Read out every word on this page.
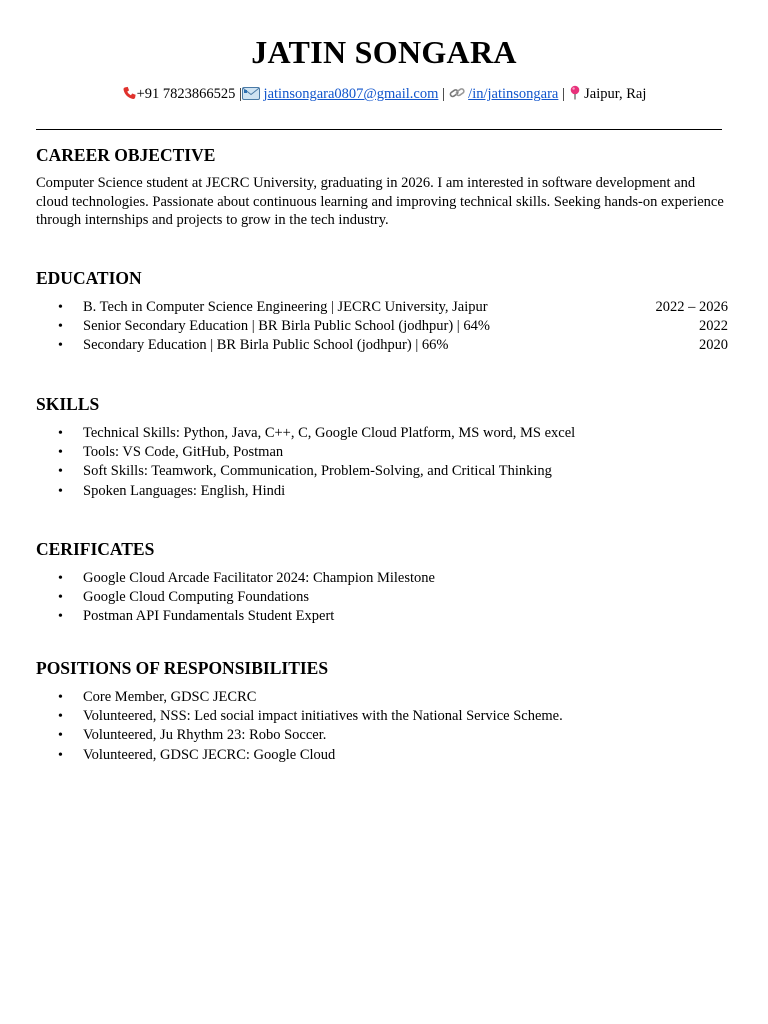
JATIN SONGARA
+91 7823866525 | jatinsongara0807@gmail.com | /in/jatinsongara | Jaipur, Raj
CAREER OBJECTIVE

Computer Science student at JECRC University, graduating in 2026. I am interested in software development and cloud technologies. Passionate about continuous learning and improving technical skills. Seeking hands-on experience through internships and projects to grow in the tech industry.

EDUCATION
• B. Tech in Computer Science Engineering | JECRC University, Jaipur	2022 – 2026
• Senior Secondary Education | BR Birla Public School (jodhpur) | 64%	2022
• Secondary Education | BR Birla Public School (jodhpur) | 66%	2020
SKILLS
• Technical Skills: Python, Java, C++, C, Google Cloud Platform, MS word, MS excel
• Tools: VS Code, GitHub, Postman
• Soft Skills: Teamwork, Communication, Problem-Solving, and Critical Thinking
• Spoken Languages: English, Hindi
CERIFICATES
• Google Cloud Arcade Facilitator 2024: Champion Milestone
• Google Cloud Computing Foundations
• Postman API Fundamentals Student Expert
POSITIONS OF RESPONSIBILITIES
• Core Member, GDSC JECRC
• Volunteered, NSS: Led social impact initiatives with the National Service Scheme.
• Volunteered, Ju Rhythm 23: Robo Soccer.
• Volunteered, GDSC JECRC: Google Cloud
